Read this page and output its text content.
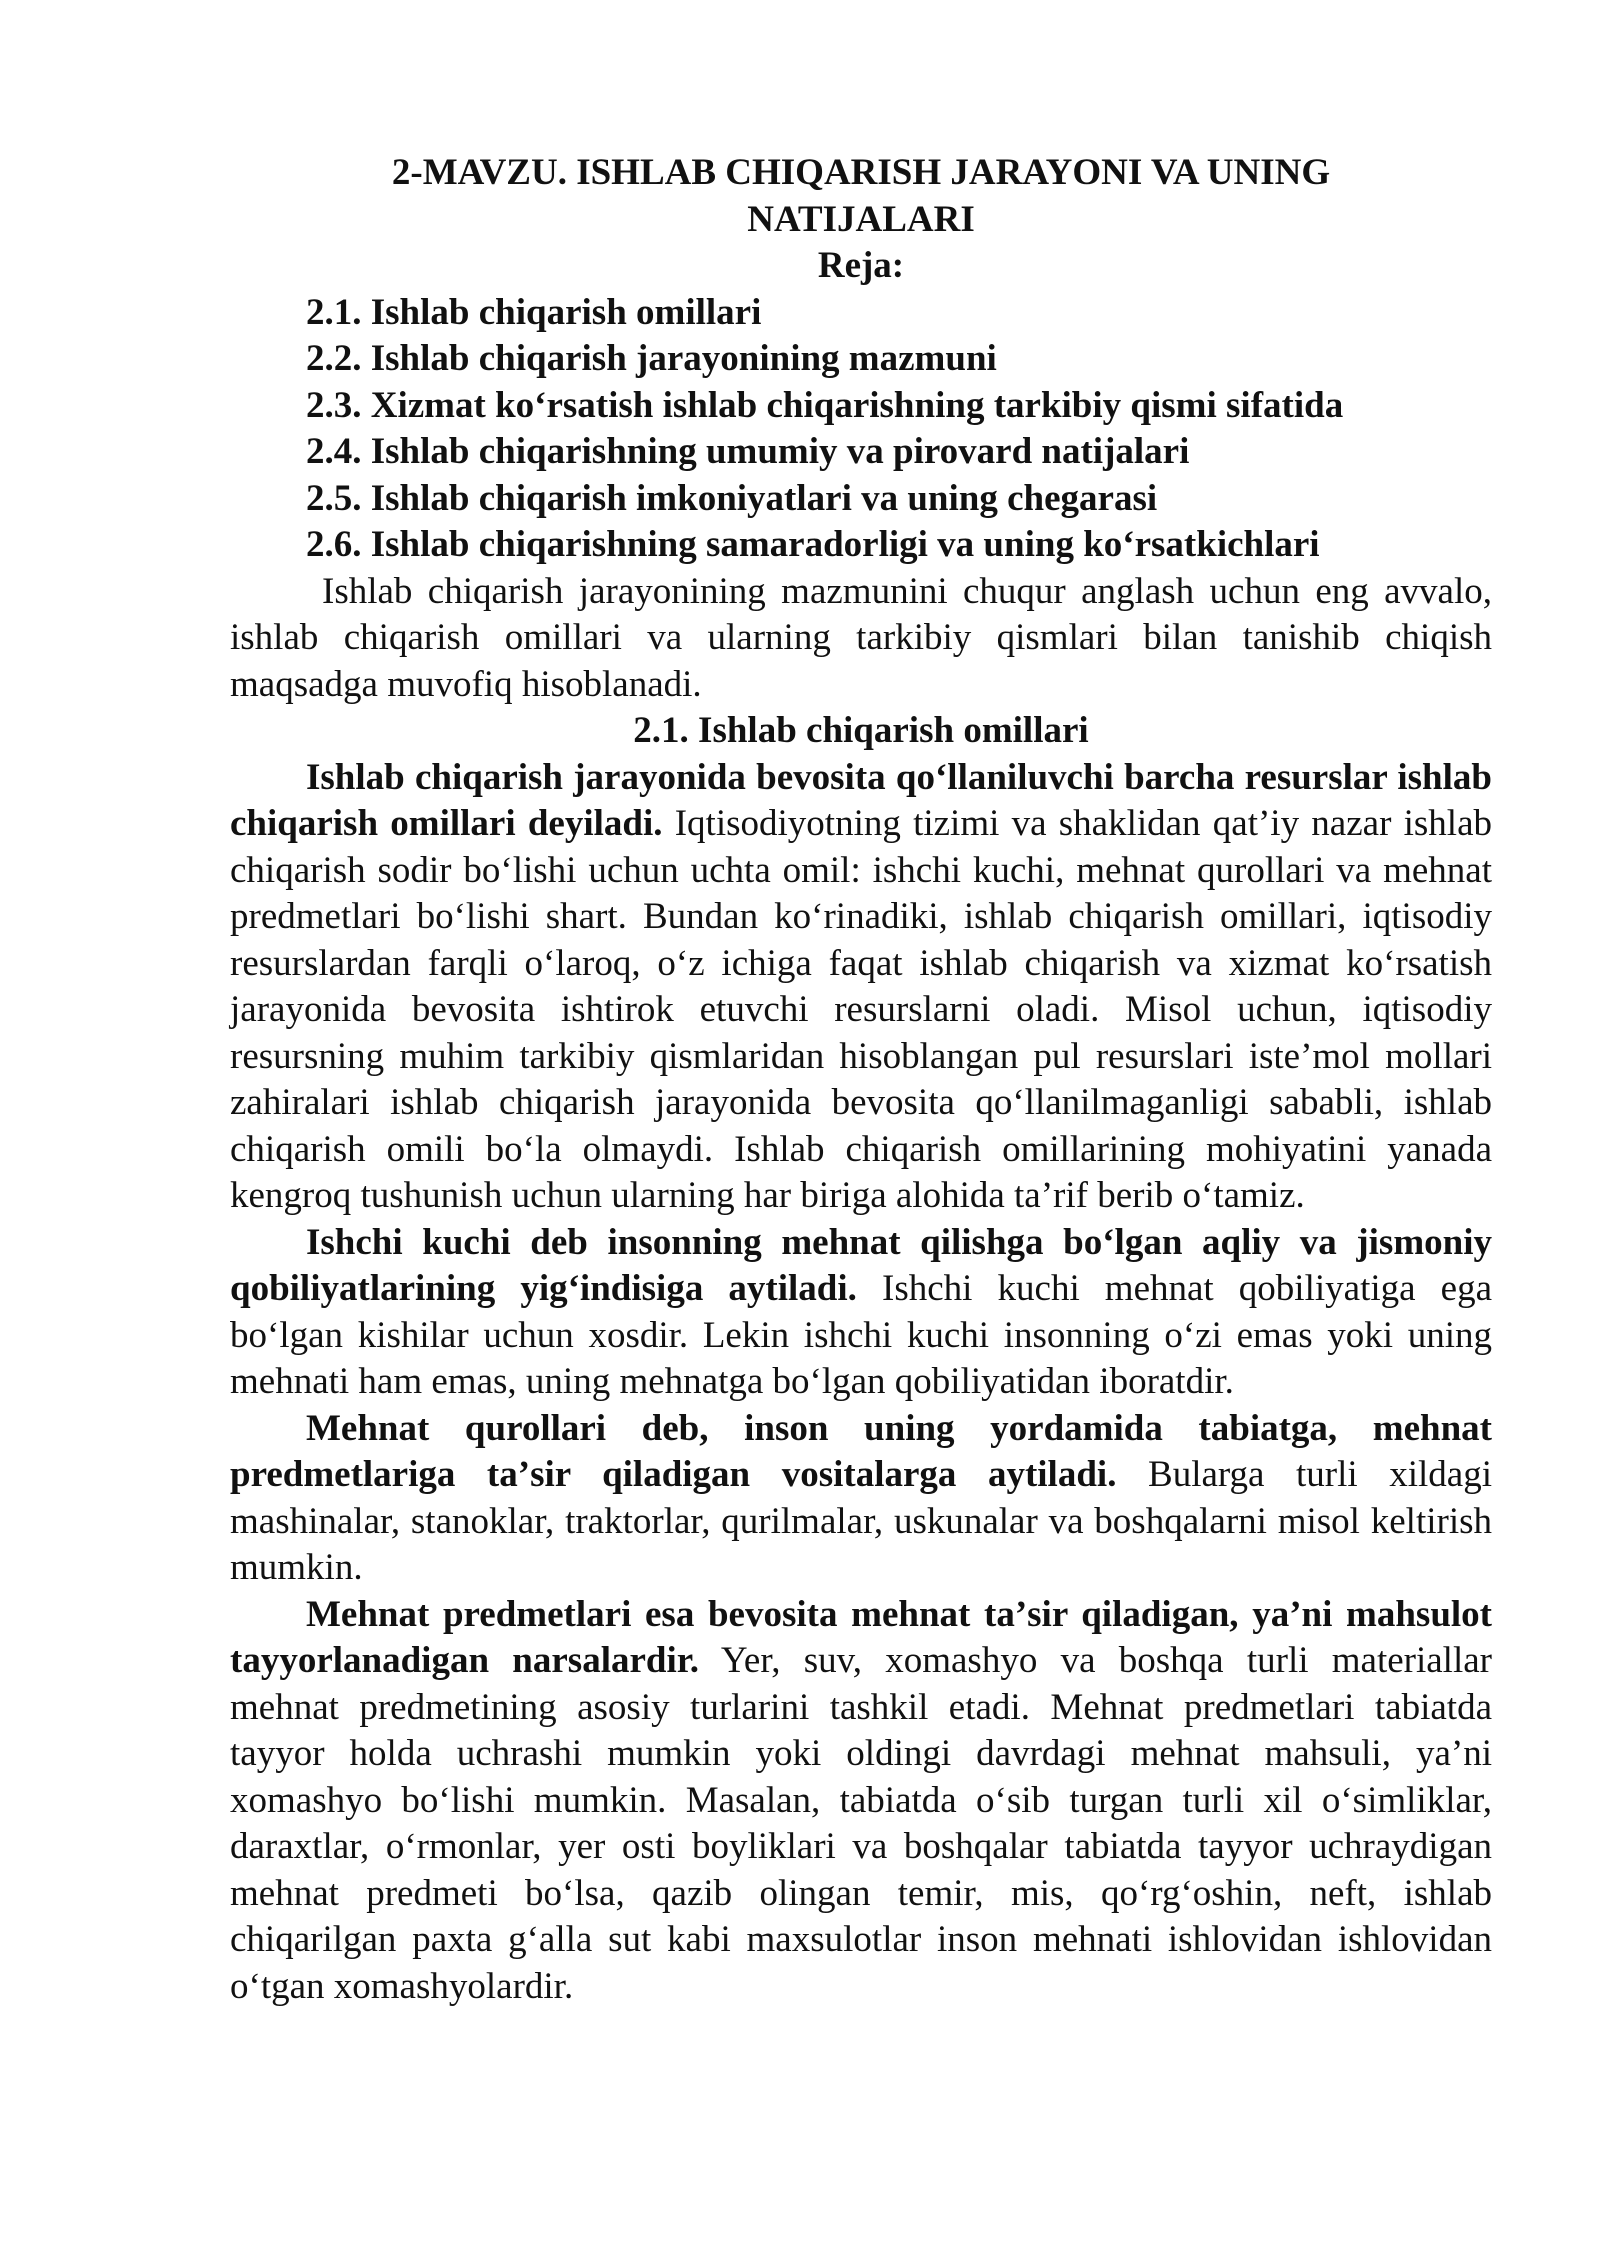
2-MAVZU. ISHLAB CHIQARISH JARAYONI VA UNING NATIJALARI
Reja:
2.1. Ishlab chiqarish omillari
2.2. Ishlab chiqarish jarayonining mazmuni
2.3. Xizmat koʻrsatish ishlab chiqarishning tarkibiy qismi sifatida
2.4. Ishlab chiqarishning umumiy va pirovard natijalari
2.5. Ishlab chiqarish imkoniyatlari va uning chegarasi
2.6. Ishlab chiqarishning samaradorligi va uning koʻrsatkichlari

Ishlab chiqarish jarayonining mazmunini chuqur anglash uchun eng avvalo, ishlab chiqarish omillari va ularning tarkibiy qismlari bilan tanishib chiqish maqsadga muvofiq hisoblanadi.

2.1. Ishlab chiqarish omillari

Ishlab chiqarish jarayonida bevosita qoʻllaniluvchi barcha resurslar ishlab chiqarish omillari deyiladi. Iqtisodiyotning tizimi va shaklidan qatʼiy nazar ishlab chiqarish sodir boʻlishi uchun uchta omil: ishchi kuchi, mehnat qurollari va mehnat predmetlari boʻlishi shart. Bundan koʻrinadiki, ishlab chiqarish omillari, iqtisodiy resurslardan farqli oʻlaroq, oʻz ichiga faqat ishlab chiqarish va xizmat koʻrsatish jarayonida bevosita ishtirok etuvchi resurslarni oladi. Misol uchun, iqtisodiy resursning muhim tarkibiy qismlaridan hisoblangan pul resurslari isteʼmol mollari zahiralari ishlab chiqarish jarayonida bevosita qoʻllanilmaganligi sababli, ishlab chiqarish omili boʻla olmaydi. Ishlab chiqarish omillarining mohiyatini yanada kengroq tushunish uchun ularning har biriga alohida taʼrif berib oʻtamiz.

Ishchi kuchi deb insonning mehnat qilishga boʻlgan aqliy va jismoniy qobiliyatlarining yigʻindisiga aytiladi. Ishchi kuchi mehnat qobiliyatiga ega boʻlgan kishilar uchun xosdir. Lekin ishchi kuchi insonning oʻzi emas yoki uning mehnati ham emas, uning mehnatga boʻlgan qobiliyatidan iboratdir.

Mehnat qurollari deb, inson uning yordamida tabiatga, mehnat predmetlariga taʼsir qiladigan vositalarga aytiladi. Bularga turli xildagi mashinalar, stanoklar, traktorlar, qurilmalar, uskunalar va boshqalarni misol keltirish mumkin.

Mehnat predmetlari esa bevosita mehnat taʼsir qiladigan, yaʼni mahsulot tayyorlanadigan narsalardir. Yer, suv, xomashyo va boshqa turli materiallar mehnat predmetining asosiy turlarini tashkil etadi. Mehnat predmetlari tabiatda tayyor holda uchrashi mumkin yoki oldingi davrdagi mehnat mahsuli, yaʼni xomashyo boʻlishi mumkin. Masalan, tabiatda oʻsib turgan turli xil oʻsimliklar, daraxtlar, oʻrmonlar, yer osti boyliklari va boshqalar tabiatda tayyor uchraydigan mehnat predmeti boʻlsa, qazib olingan temir, mis, qoʻrgʻoshin, neft, ishlab chiqarilgan paxta gʻalla sut kabi maxsulotlar inson mehnati ishlovidan ishlovidan oʻtgan xomashyolardir.
